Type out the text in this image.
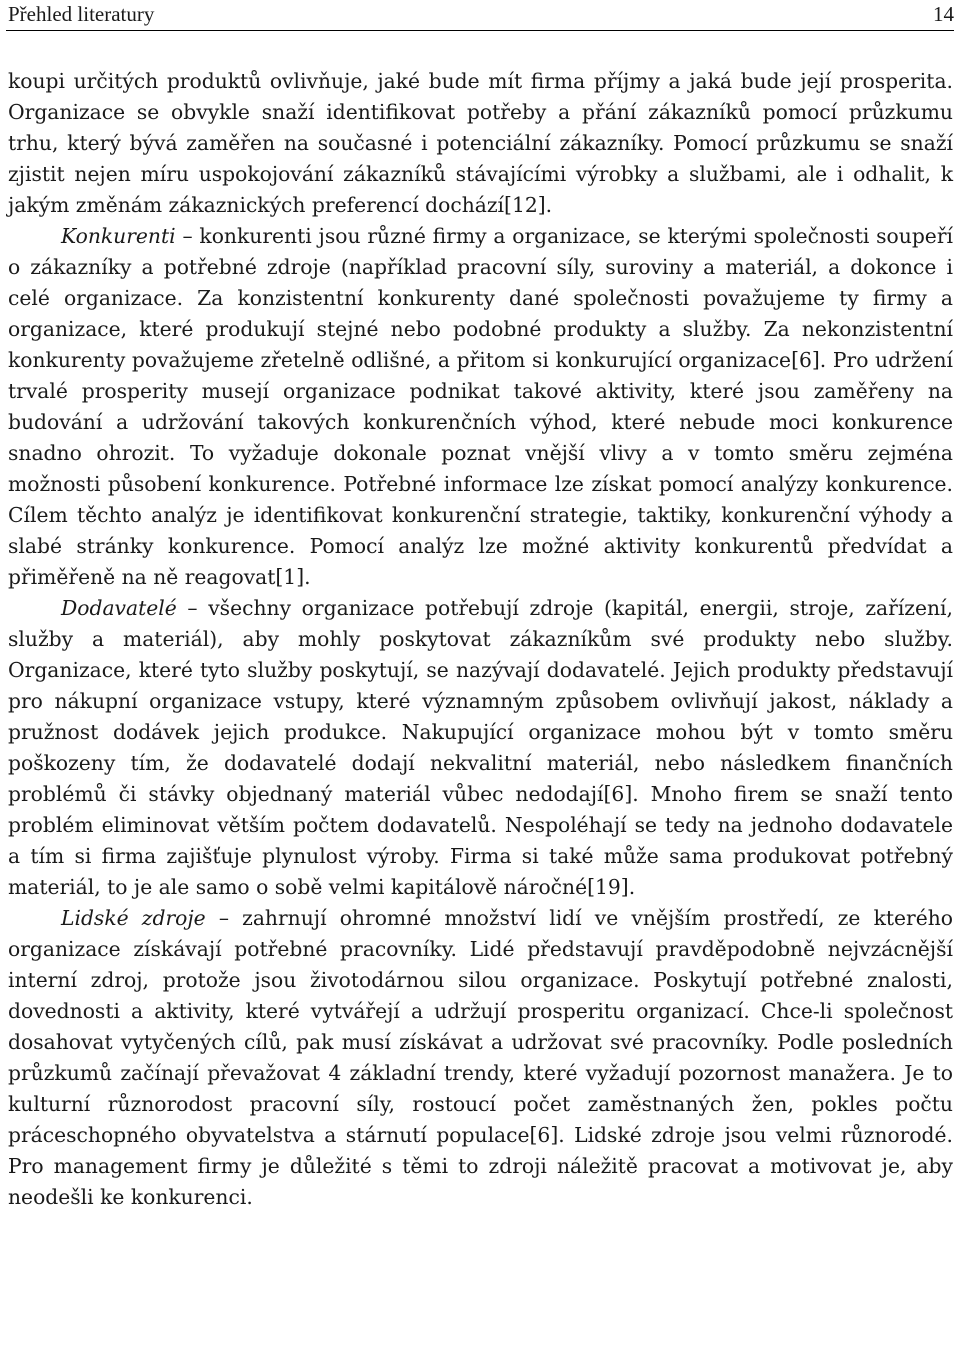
Přehled literatury	14

koupi určitých produktů ovlivňuje, jaké bude mít firma příjmy a jaká bude její prosperita. Organizace se obvykle snaží identifikovat potřeby a přání zákazníků pomocí průzkumu trhu, který bývá zaměřen na současné i potenciální zákazníky. Pomocí průzkumu se snaží zjistit nejen míru uspokojování zákazníků stávajícími výrobky a službami, ale i odhalit, k jakým změnám zákaznických preferencí dochází[12].

Konkurenti – konkurenti jsou různé firmy a organizace, se kterými společnosti soupeří o zákazníky a potřebné zdroje (například pracovní síly, suroviny a materiál, a dokonce i celé organizace. Za konzistentní konkurenty dané společnosti považujeme ty firmy a organizace, které produkují stejné nebo podobné produkty a služby. Za nekonzistentní konkurenty považujeme zřetelně odlišné, a přitom si konkurující organizace[6]. Pro udržení trvalé prosperity musejí organizace podnikat takové aktivity, které jsou zaměřeny na budování a udržování takových konkurenčních výhod, které nebude moci konkurence snadno ohrozit. To vyžaduje dokonale poznat vnější vlivy a v tomto směru zejména možnosti působení konkurence. Potřebné informace lze získat pomocí analýzy konkurence. Cílem těchto analýz je identifikovat konkurenční strategie, taktiky, konkurenční výhody a slabé stránky konkurence. Pomocí analýz lze možné aktivity konkurentů předvídat a přiměřeně na ně reagovat[1].

Dodavatelé – všechny organizace potřebují zdroje (kapitál, energii, stroje, zařízení, služby a materiál), aby mohly poskytovat zákazníkům své produkty nebo služby. Organizace, které tyto služby poskytují, se nazývají dodavatelé. Jejich produkty představují pro nákupní organizace vstupy, které významným způsobem ovlivňují jakost, náklady a pružnost dodávek jejich produkce. Nakupující organizace mohou být v tomto směru poškozeny tím, že dodavatelé dodají nekvalitní materiál, nebo následkem finančních problémů či stávky objednaný materiál vůbec nedodají[6]. Mnoho firem se snaží tento problém eliminovat větším počtem dodavatelů. Nespoléhají se tedy na jednoho dodavatele a tím si firma zajišťuje plynulost výroby. Firma si také může sama produkovat potřebný materiál, to je ale samo o sobě velmi kapitálově náročné[19].

Lidské zdroje – zahrnují ohromné množství lidí ve vnějším prostředí, ze kterého organizace získávají potřebné pracovníky. Lidé představují pravděpodobně nejvzácnější interní zdroj, protože jsou životodárnou silou organizace. Poskytují potřebné znalosti, dovednosti a aktivity, které vytvářejí a udržují prosperitu organizací. Chce-li společnost dosahovat vytyčených cílů, pak musí získávat a udržovat své pracovníky. Podle posledních průzkumů začínají převažovat 4 základní trendy, které vyžadují pozornost manažera. Je to kulturní různorodost pracovní síly, rostoucí počet zaměstnaných žen, pokles počtu práceschopného obyvatelstva a stárnutí populace[6]. Lidské zdroje jsou velmi různorodé. Pro management firmy je důležité s těmi to zdroji náležitě pracovat a motivovat je, aby neodešli ke konkurenci.
